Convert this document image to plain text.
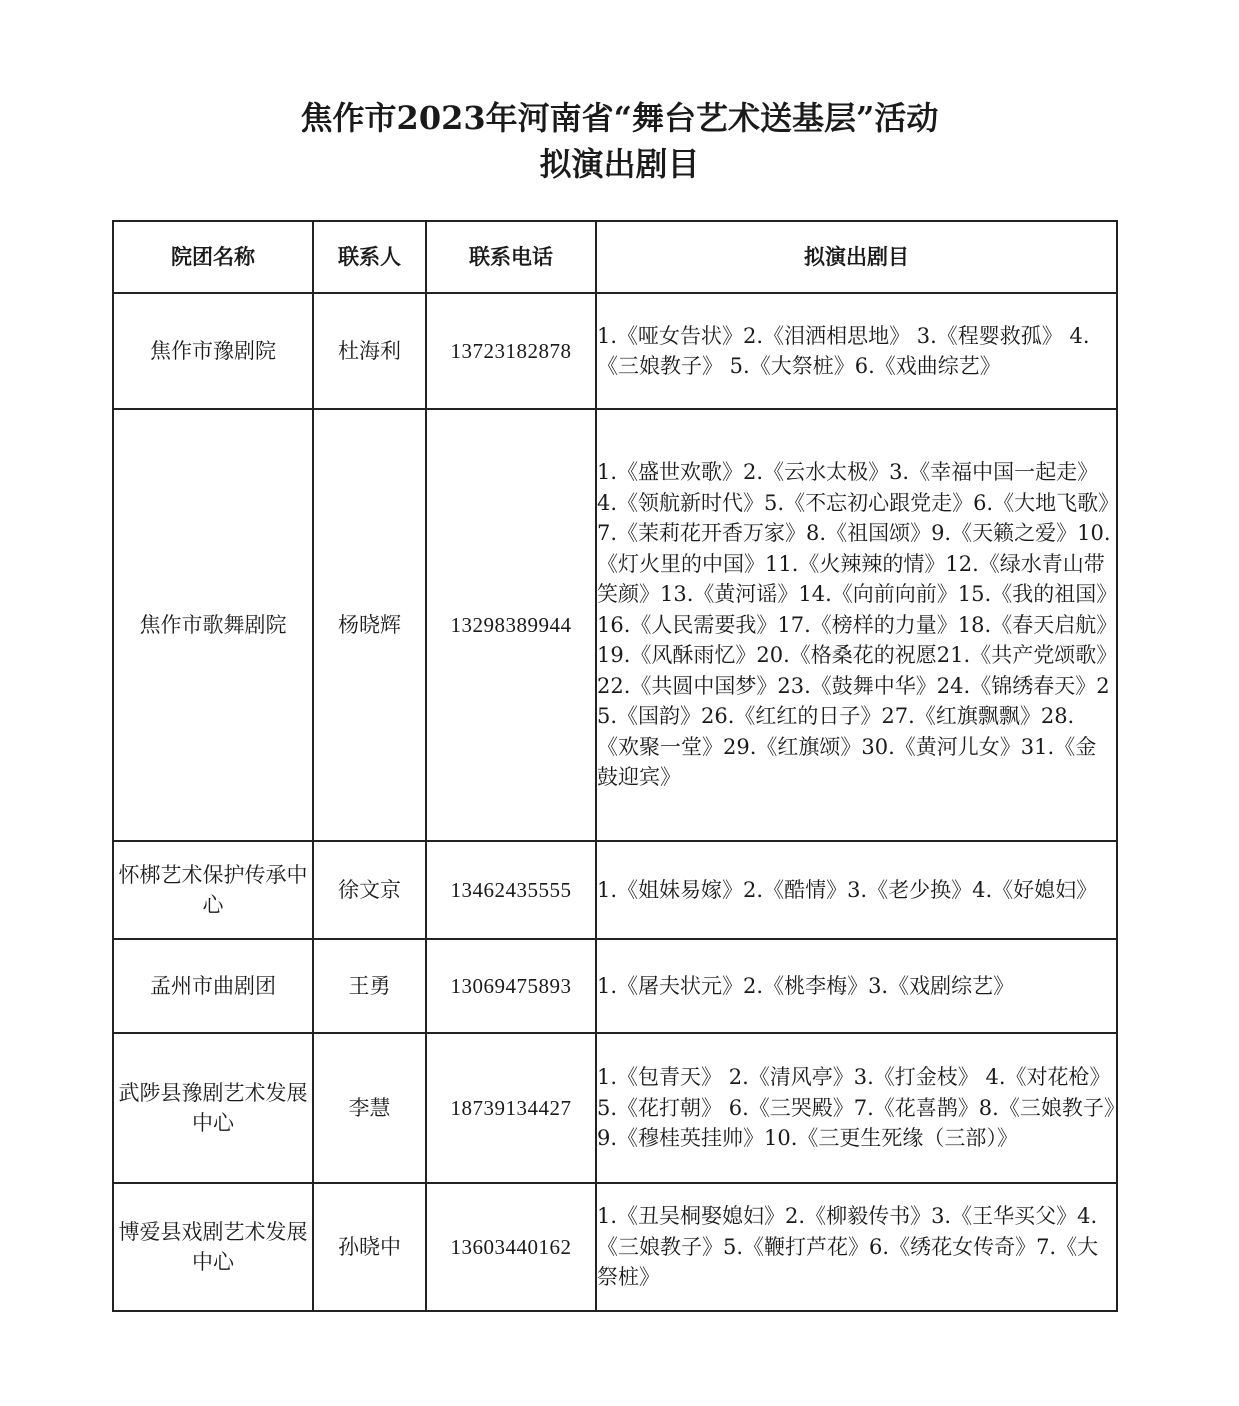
焦作市2023年河南省“舞台艺术送基层”活动
拟演出剧目
院团名称	联系人	联系电话	拟演出剧目
焦作市豫剧院	杜海利	13723182878	1.《哑女告状》2.《泪洒相思地》 3.《程婴救孤》 4.《三娘教子》 5.《大祭桩》6.《戏曲综艺》
焦作市歌舞剧院	杨晓辉	13298389944	1.《盛世欢歌》2.《云水太极》3.《幸福中国一起走》4.《领航新时代》5.《不忘初心跟党走》6.《大地飞歌》7.《茉莉花开香万家》8.《祖国颂》9.《天籁之爱》10.《灯火里的中国》11.《火辣辣的情》12.《绿水青山带笑颜》13.《黄河谣》14.《向前向前》15.《我的祖国》16.《人民需要我》17.《榜样的力量》18.《春天启航》19.《风酥雨忆》20.《格桑花的祝愿21.《共产党颂歌》22.《共圆中国梦》23.《鼓舞中华》24.《锦绣春天》25.《国韵》26.《红红的日子》27.《红旗飘飘》28.《欢聚一堂》29.《红旗颂》30.《黄河儿女》31.《金鼓迎宾》
怀梆艺术保护传承中心	徐文京	13462435555	1.《姐妹易嫁》2.《酷情》3.《老少换》4.《好媳妇》
孟州市曲剧团	王勇	13069475893	1.《屠夫状元》2.《桃李梅》3.《戏剧综艺》
武陟县豫剧艺术发展中心	李慧	18739134427	1.《包青天》 2.《清风亭》3.《打金枝》 4.《对花枪》5.《花打朝》 6.《三哭殿》7.《花喜鹊》8.《三娘教子》9.《穆桂英挂帅》10.《三更生死缘（三部）》
博爱县戏剧艺术发展中心	孙晓中	13603440162	1.《丑吴桐娶媳妇》2.《柳毅传书》3.《王华买父》4.《三娘教子》5.《鞭打芦花》6.《绣花女传奇》7.《大祭桩》
